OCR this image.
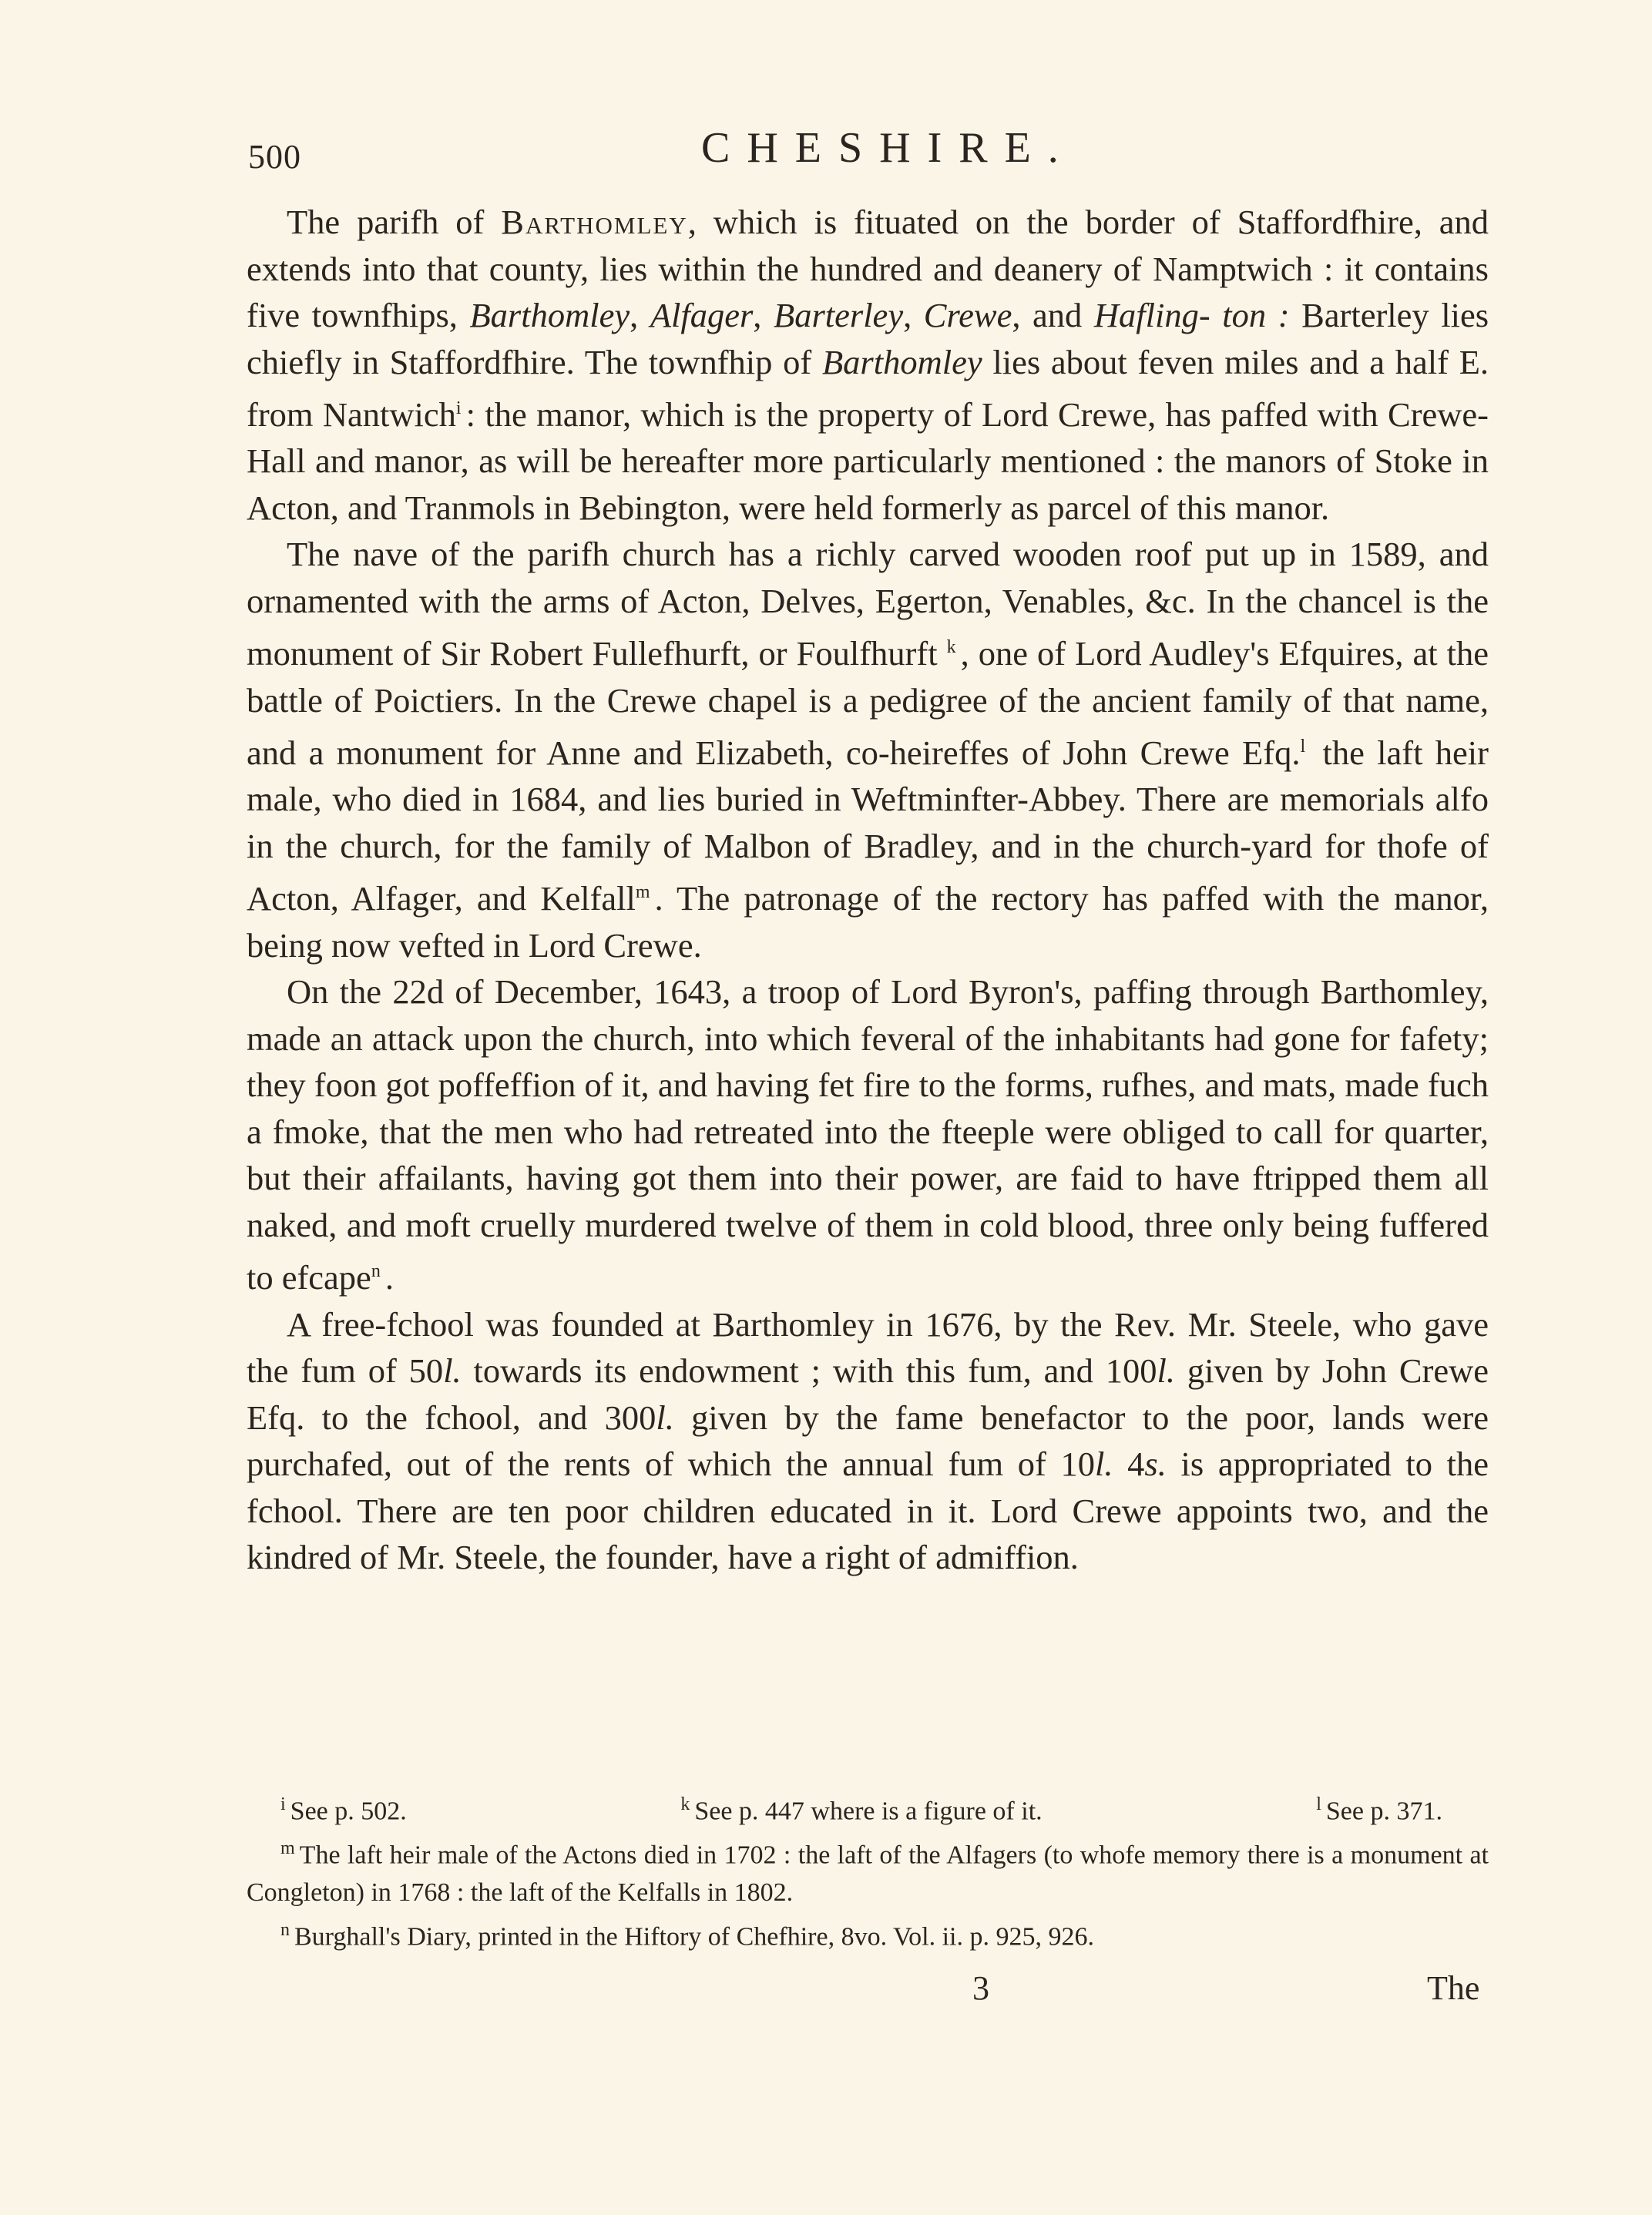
500	CHESHIRE.

The parifh of Barthomley, which is fituated on the border of Staffordfhire, and extends into that county, lies within the hundred and deanery of Namptwich : it contains five townfhips, Barthomley, Alfager, Barterley, Crewe, and Hafling- ton : Barterley lies chiefly in Staffordfhire. The townfhip of Barthomley lies about feven miles and a half E. from Nantwich$^i$ : the manor, which is the property of Lord Crewe, has paffed with Crewe-Hall and manor, as will be hereafter more particularly mentioned : the manors of Stoke in Acton, and Tranmols in Bebington, were held formerly as parcel of this manor.

The nave of the parifh church has a richly carved wooden roof put up in 1589, and ornamented with the arms of Acton, Delves, Egerton, Venables, &c. In the chancel is the monument of Sir Robert Fullefhurft, or Foulfhurft $^k$ , one of Lord Audley's Efquires, at the battle of Poictiers. In the Crewe chapel is a pedigree of the ancient family of that name, and a monument for Anne and Elizabeth, co-heireffes of John Crewe Efq.$^l$ the laft heir male, who died in 1684, and lies buried in Weftminfter-Abbey. There are memorials alfo in the church, for the family of Malbon of Bradley, and in the church-yard for thofe of Acton, Alfager, and Kelfall$^m$ . The patronage of the rectory has paffed with the manor, being now vefted in Lord Crewe.

On the 22d of December, 1643, a troop of Lord Byron's, paffing through Barthomley, made an attack upon the church, into which feveral of the inhabitants had gone for fafety; they foon got poffeffion of it, and having fet fire to the forms, rufhes, and mats, made fuch a fmoke, that the men who had retreated into the fteeple were obliged to call for quarter, but their affailants, having got them into their power, are faid to have ftripped them all naked, and moft cruelly murdered twelve of them in cold blood, three only being fuffered to efcape$^n$ .

A free-fchool was founded at Barthomley in 1676, by the Rev. Mr. Steele, who gave the fum of 50l. towards its endowment ; with this fum, and 100l. given by John Crewe Efq. to the fchool, and 300l. given by the fame benefactor to the poor, lands were purchafed, out of the rents of which the annual fum of 10l. 4s. is appropriated to the fchool. There are ten poor children educated in it. Lord Crewe appoints two, and the kindred of Mr. Steele, the founder, have a right of admiffion.

$^i$ See p. 502.	$^k$ See p. 447 where is a figure of it.	$^l$ See p. 371.

$^m$ The laft heir male of the Actons died in 1702 : the laft of the Alfagers (to whofe memory there is a monument at Congleton) in 1768 : the laft of the Kelfalls in 1802.

$^n$ Burghall's Diary, printed in the Hiftory of Chefhire, 8vo. Vol. ii. p. 925, 926.

3	The
